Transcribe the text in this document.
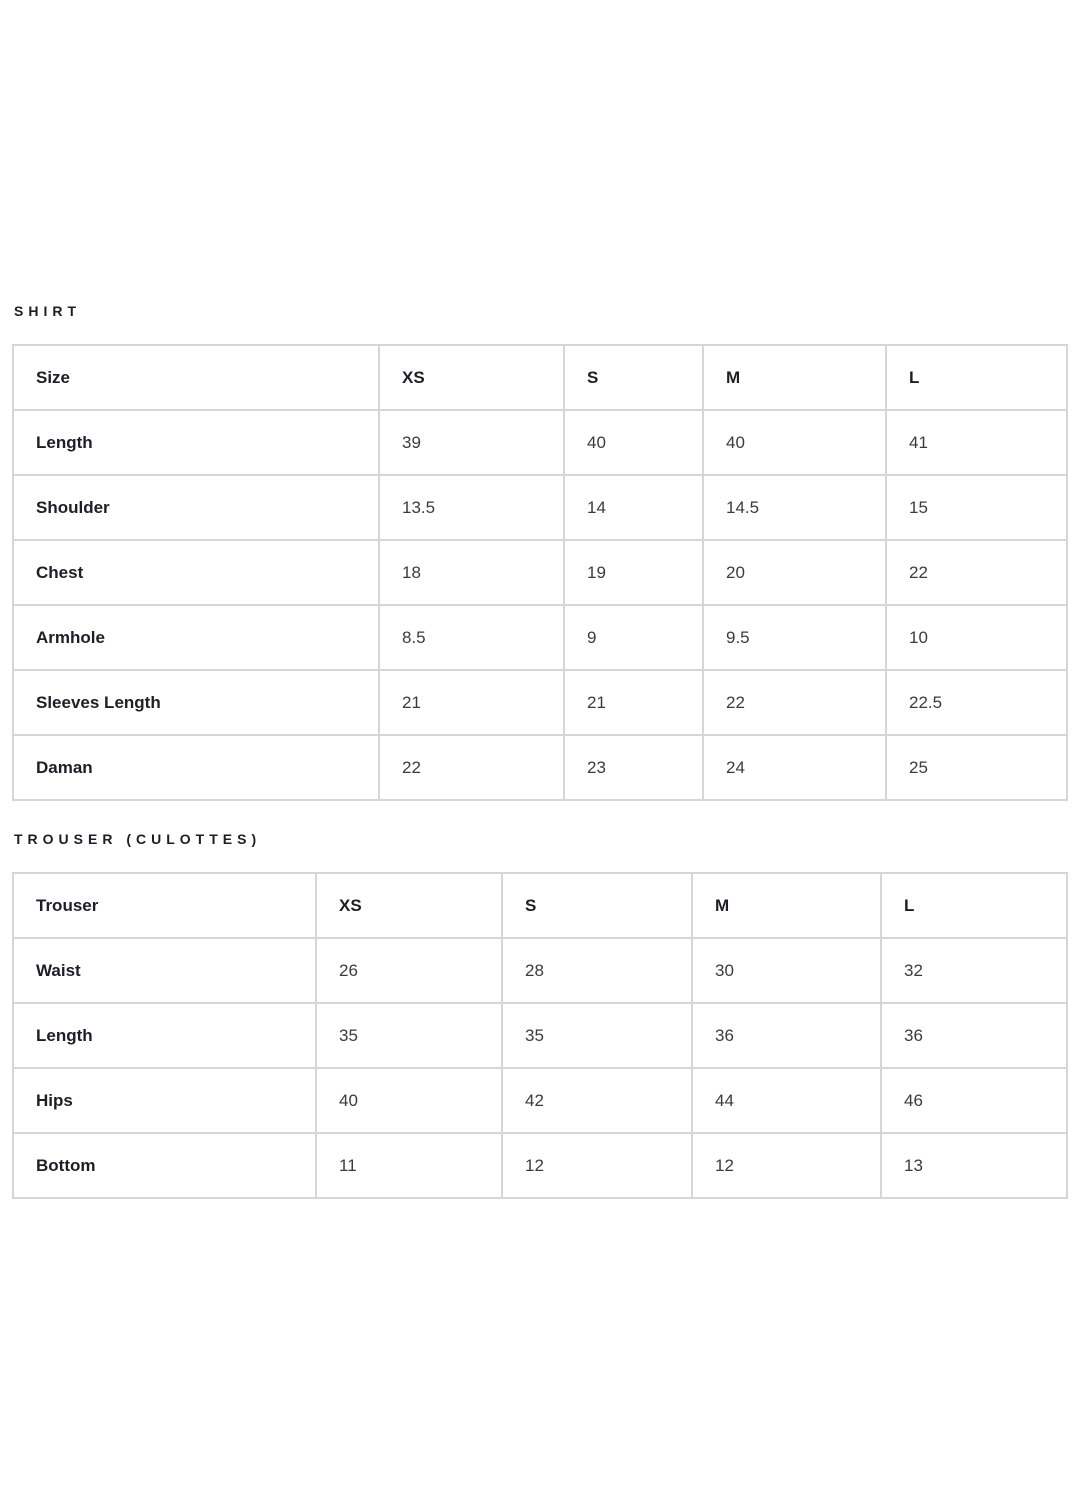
SHIRT
Size	XS	S	M	L
Length	39	40	40	41
Shoulder	13.5	14	14.5	15
Chest	18	19	20	22
Armhole	8.5	9	9.5	10
Sleeves Length	21	21	22	22.5
Daman	22	23	24	25
TROUSER (CULOTTES)
Trouser	XS	S	M	L
Waist	26	28	30	32
Length	35	35	36	36
Hips	40	42	44	46
Bottom	11	12	12	13
